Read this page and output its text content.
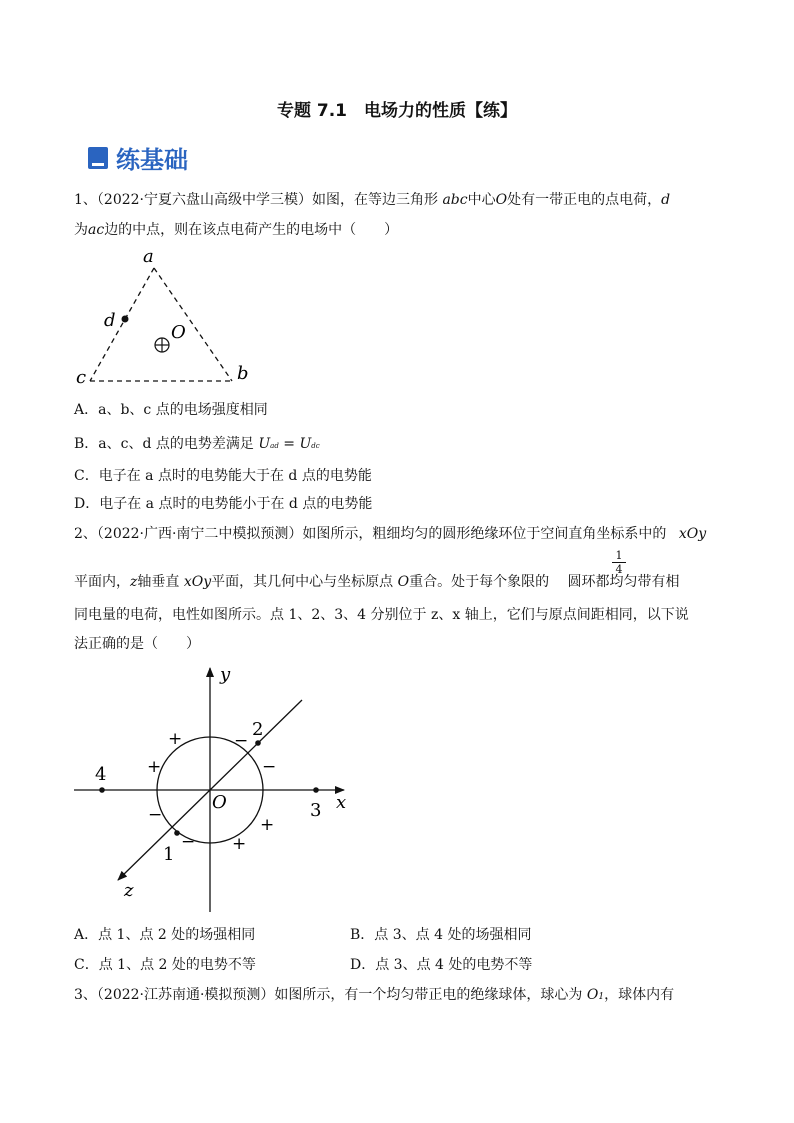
专题 7.1　电场力的性质【练】
练基础
1、（2022·宁夏六盘山高级中学三模）如图，在等边三角形 abc中心O处有一带正电的点电荷，d
为ac边的中点，则在该点电荷产生的电场中（　　）
a
d
O
c	b
A．a、b、c 点的电场强度相同
B．a、c、d 点的电势差满足 Uad = Udc
C．电子在 a 点时的电势能大于在 d 点的电势能
D．电子在 a 点时的电势能小于在 d 点的电势能
2、（2022·广西·南宁二中模拟预测）如图所示，粗细均匀的圆形绝缘环位于空间直角坐标系中的 xOy
1
4
平面内，z轴垂直 xOy平面，其几何中心与坐标原点 O重合。处于每个象限的 圆环都均匀带有相
同电量的电荷，电性如图所示。点 1、2、3、4 分别位于 z、x 轴上，它们与原点间距相同，以下说
法正确的是（　　）
y
x
z
O
4
3
2
1
+
+
+
+
−
−
−
−
A．点 1、点 2 处的场强相同	B．点 3、点 4 处的场强相同
C．点 1、点 2 处的电势不等	D．点 3、点 4 处的电势不等
3、（2022·江苏南通·模拟预测）如图所示，有一个均匀带正电的绝缘球体，球心为 O1，球体内有
